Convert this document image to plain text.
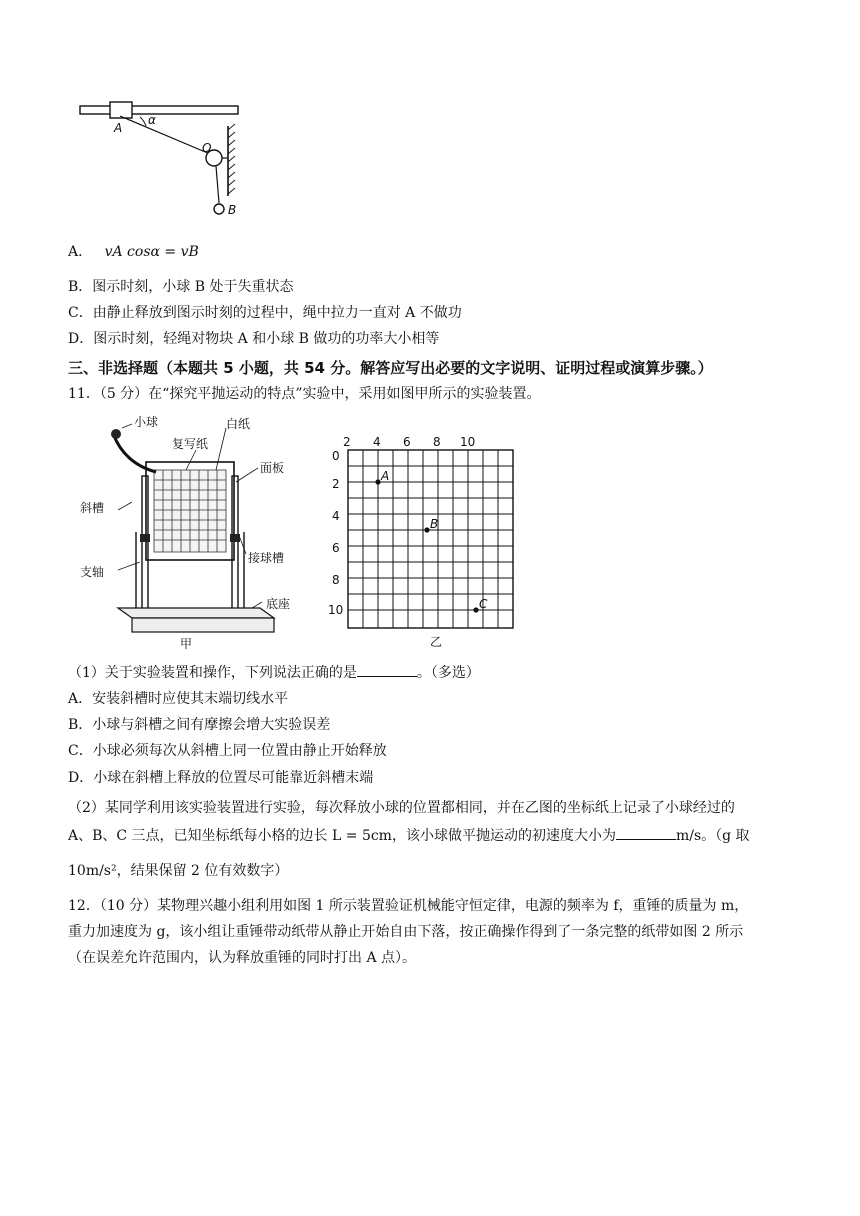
A
α
O
B
A． vA cosα = vB
B．图示时刻，小球 B 处于失重状态
C．由静止释放到图示时刻的过程中，绳中拉力一直对 A 不做功
D．图示时刻，轻绳对物块 A 和小球 B 做功的功率大小相等
三、非选择题（本题共 5 小题，共 54 分。解答应写出必要的文字说明、证明过程或演算步骤。）
11．（5 分）在“探究平抛运动的特点”实验中，采用如图甲所示的实验装置。
小球	白纸
复写纸
面板
斜槽
支轴
接球槽
底座
甲
2 4 6 8 10
0
2
4
6
8
10
A
B
C
乙
（1）关于实验装置和操作，下列说法正确的是	。（多选）
A．安装斜槽时应使其末端切线水平
B．小球与斜槽之间有摩擦会增大实验误差
C．小球必须每次从斜槽上同一位置由静止开始释放
D．小球在斜槽上释放的位置尽可能靠近斜槽末端
（2）某同学利用该实验装置进行实验，每次释放小球的位置都相同，并在乙图的坐标纸上记录了小球经过的
A、B、C 三点，已知坐标纸每小格的边长 L = 5cm，该小球做平抛运动的初速度大小为	m/s。（g 取
10m/s²，结果保留 2 位有效数字）
12．（10 分）某物理兴趣小组利用如图 1 所示装置验证机械能守恒定律，电源的频率为 f，重锤的质量为 m，
重力加速度为 g，该小组让重锤带动纸带从静止开始自由下落，按正确操作得到了一条完整的纸带如图 2 所示
（在误差允许范围内，认为释放重锤的同时打出 A 点）。
